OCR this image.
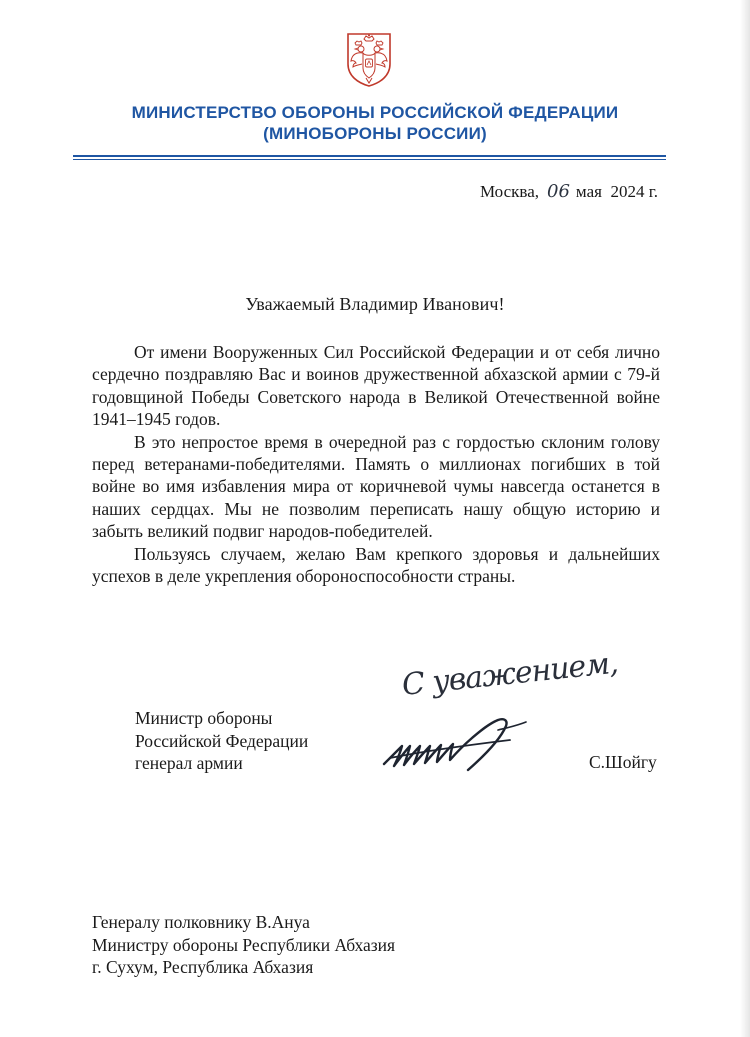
МИНИСТЕРСТВО ОБОРОНЫ РОССИЙСКОЙ ФЕДЕРАЦИИ
(МИНОБОРОНЫ РОССИИ)
Москва, 06 мая 2024 г.
Уважаемый Владимир Иванович!

От имени Вооруженных Сил Российской Федерации и от себя лично сердечно поздравляю Вас и воинов дружественной абхазской армии с 79-й годовщиной Победы Советского народа в Великой Отечественной войне 1941–1945 годов.

В это непростое время в очередной раз с гордостью склоним голову перед ветеранами-победителями. Память о миллионах погибших в той войне во имя избавления мира от коричневой чумы навсегда останется в наших сердцах. Мы не позволим переписать нашу общую историю и забыть великий подвиг народов-победителей.

Пользуясь случаем, желаю Вам крепкого здоровья и дальнейших успехов в деле укрепления обороноспособности страны.

С уважением,
Министр обороны
Российской Федерации
генерал армии	С.Шойгу
Генералу полковнику В.Ануа
Министру обороны Республики Абхазия
г. Сухум, Республика Абхазия
